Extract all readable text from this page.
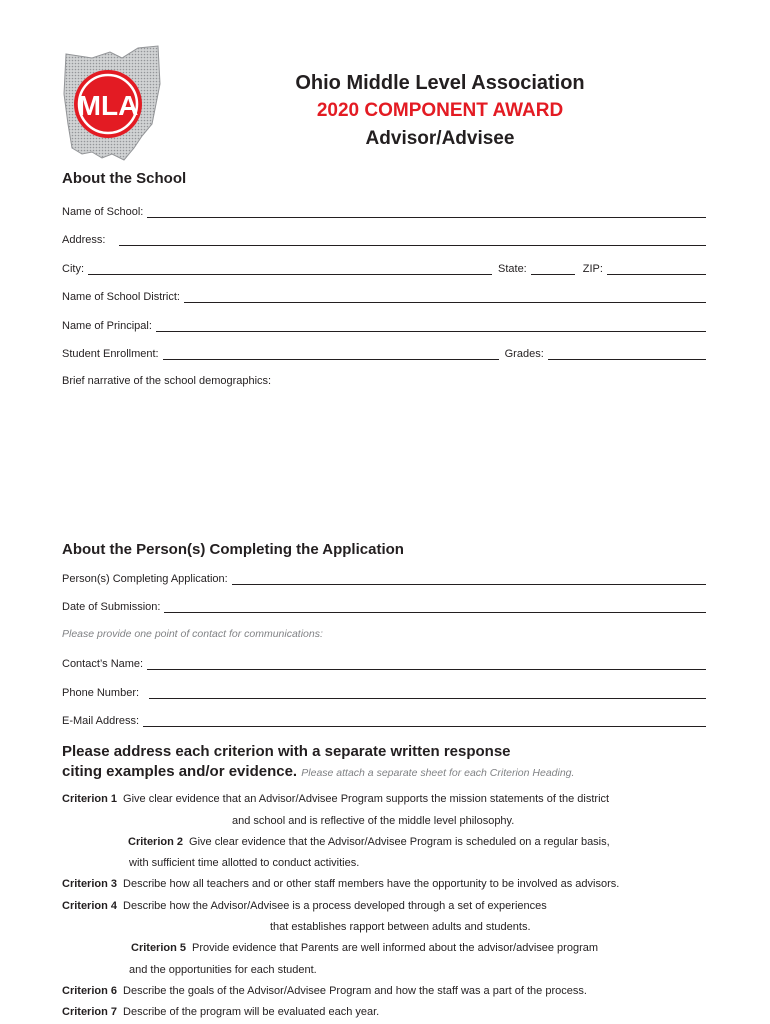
MLA
Ohio Middle Level Association
2020 COMPONENT AWARD
Advisor/Advisee
About the School
Name of School:
Address:
City:	State:	ZIP:
Name of School District:
Name of Principal:
Student Enrollment:	Grades:
Brief narrative of the school demographics:
About the Person(s) Completing the Application
Person(s) Completing Application:
Date of Submission:
Please provide one point of contact for communications:
Contact’s Name:
Phone Number:
E-Mail Address:
Please address each criterion with a separate written response
citing examples and/or evidence. Please attach a separate sheet for each Criterion Heading.
Criterion 1 Give clear evidence that an Advisor/Advisee Program supports the mission statements of the district
and school and is reflective of the middle level philosophy.
Criterion 2 Give clear evidence that the Advisor/Advisee Program is scheduled on a regular basis,
with sufficient time allotted to conduct activities.
Criterion 3 Describe how all teachers and or other staff members have the opportunity to be involved as advisors.
Criterion 4 Describe how the Advisor/Advisee is a process developed through a set of experiences
that establishes rapport between adults and students.
Criterion 5 Provide evidence that Parents are well informed about the advisor/advisee program
and the opportunities for each student.
Criterion 6 Describe the goals of the Advisor/Advisee Program and how the staff was a part of the process.
Criterion 7 Describe of the program will be evaluated each year.
